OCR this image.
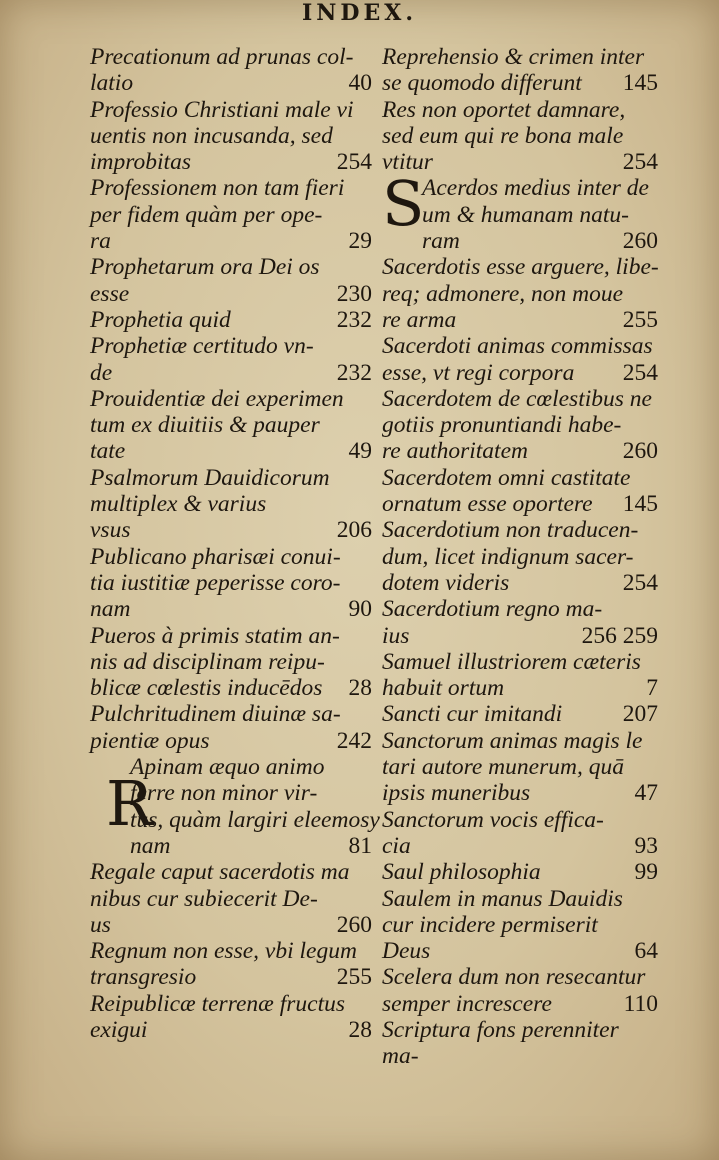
INDEX.
Precationum ad prunas col-
latio	40
Professio Christiani male vi
uentis non incusanda, sed
improbitas	254
Professionem non tam fieri
per fidem quàm per ope-
ra	29
Prophetarum ora Dei os
esse	230
Prophetia quid	232
Prophetiæ certitudo vn-
de	232
Prouidentiæ dei experimen
tum ex diuitiis & pauper
tate	49
Psalmorum Dauidicorum
multiplex & varius
vsus	206
Publicano pharisæi conui-
tia iustitiæ peperisse coro-
nam	90
Pueros à primis statim an-
nis ad disciplinam reipu-
blicæ cœlestis inducēdos 28
Pulchritudinem diuinæ sa-
pientiæ opus	242
Apinam æquo animo
ferre non minor vir-
tus, quàm largiri eleemosy
nam	81
Regale caput sacerdotis ma
nibus cur subiecerit De-
us	260
Regnum non esse, vbi legum
transgresio	255
Reipublicæ terrenæ fructus
exigui	28
Reprehensio & crimen inter
se quomodo differunt 145
Res non oportet damnare,
sed eum qui re bona male
vtitur	254
Acerdos medius inter de
um & humanam natu-
ram	260
Sacerdotis esse arguere, libe-
req; admonere, non moue
re arma	255
Sacerdoti animas commissas
esse, vt regi corpora 254
Sacerdotem de cœlestibus ne
gotiis pronuntiandi habe-
re authoritatem	260
Sacerdotem omni castitate
ornatum esse oportere 145
Sacerdotium non traducen-
dum, licet indignum sacer-
dotem videris	254
Sacerdotium regno ma-
ius	256 259
Samuel illustriorem cæteris
habuit ortum	7
Sancti cur imitandi	207
Sanctorum animas magis le
tari autore munerum, quā
ipsis muneribus	47
Sanctorum vocis effica-
cia	93
Saul philosophia	99
Saulem in manus Dauidis
cur incidere permiserit
Deus	64
Scelera dum non resecantur
semper increscere	110
Scriptura fons perenniter
ma-
R
S
